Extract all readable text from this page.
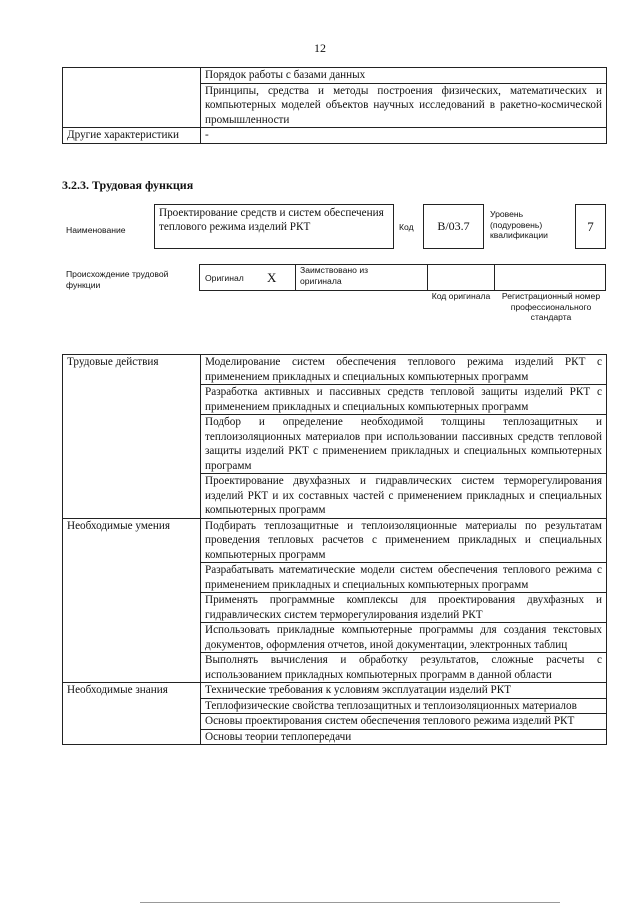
12
	Порядок работы с базами данных
	Принципы, средства и методы построения физических, математических и компьютерных моделей объектов научных исследований в ракетно-космической промышленности
Другие характеристики	-
3.2.3. Трудовая функция
Наименование
Проектирование средств и систем обеспечения теплового режима изделий РКТ	Код	B/03.7
Уровень (подуровень) квалификации
7
Происхождение трудовой функции
Оригинал X	Заимствовано из оригинала
Код оригинала	Регистрационный номер профессионального стандарта
Трудовые действия	Моделирование систем обеспечения теплового режима изделий РКТ с применением прикладных и специальных компьютерных программ
	Разработка активных и пассивных средств тепловой защиты изделий РКТ с применением прикладных и специальных компьютерных программ
	Подбор и определение необходимой толщины теплозащитных и теплоизоляционных материалов при использовании пассивных средств тепловой защиты изделий РКТ с применением прикладных и специальных компьютерных программ
	Проектирование двухфазных и гидравлических систем терморегулирования изделий РКТ и их составных частей с применением прикладных и специальных компьютерных программ
Необходимые умения	Подбирать теплозащитные и теплоизоляционные материалы по результатам проведения тепловых расчетов с применением прикладных и специальных компьютерных программ
	Разрабатывать математические модели систем обеспечения теплового режима с применением прикладных и специальных компьютерных программ
	Применять программные комплексы для проектирования двухфазных и гидравлических систем терморегулирования изделий РКТ
	Использовать прикладные компьютерные программы для создания текстовых документов, оформления отчетов, иной документации, электронных таблиц
	Выполнять вычисления и обработку результатов, сложные расчеты с использованием прикладных компьютерных программ в данной области
Необходимые знания	Технические требования к условиям эксплуатации изделий РКТ
	Теплофизические свойства теплозащитных и теплоизоляционных материалов
	Основы проектирования систем обеспечения теплового режима изделий РКТ
	Основы теории теплопередачи
